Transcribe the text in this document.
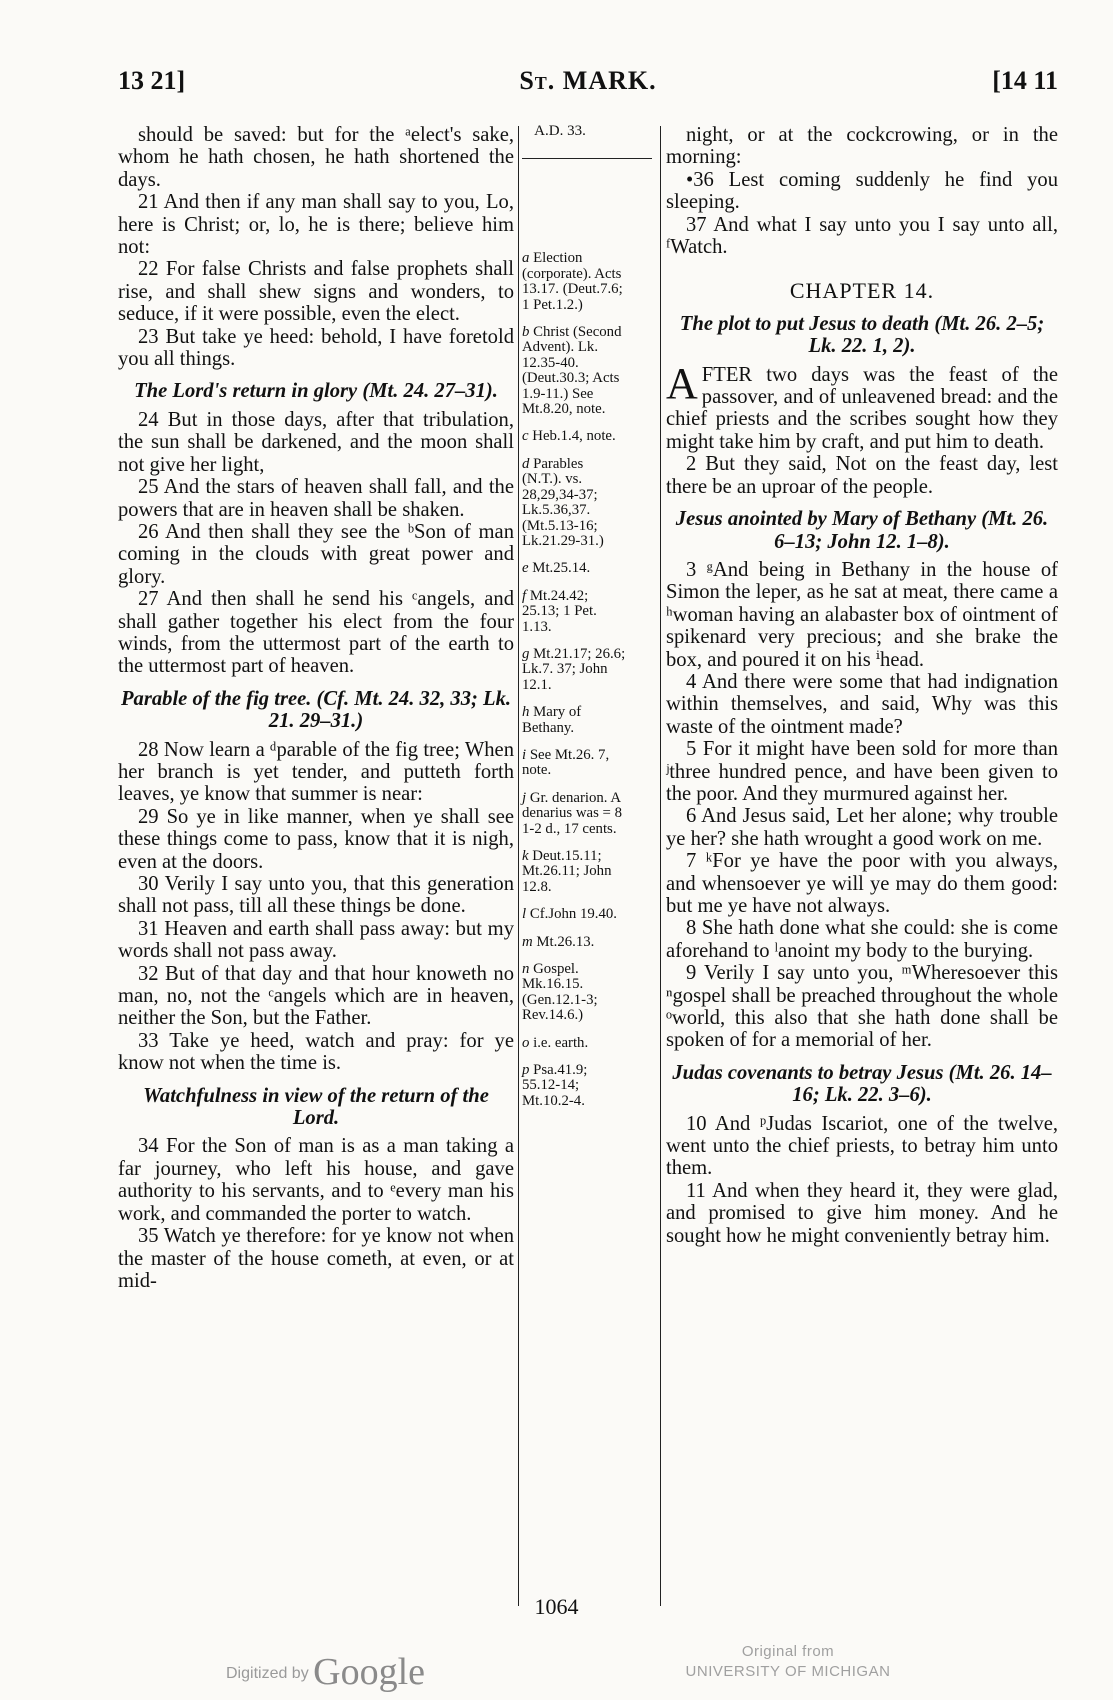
13 21]	St. MARK.	[14 11

should be saved: but for the ᵃelect's sake, whom he hath chosen, he hath shortened the days.

21 And then if any man shall say to you, Lo, here is Christ; or, lo, he is there; believe him not:

22 For false Christs and false prophets shall rise, and shall shew signs and wonders, to seduce, if it were possible, even the elect.

23 But take ye heed: behold, I have foretold you all things.

The Lord's return in glory (Mt. 24. 27–31).

24 But in those days, after that tribulation, the sun shall be darkened, and the moon shall not give her light,

25 And the stars of heaven shall fall, and the powers that are in heaven shall be shaken.

26 And then shall they see the ᵇSon of man coming in the clouds with great power and glory.

27 And then shall he send his ᶜangels, and shall gather together his elect from the four winds, from the uttermost part of the earth to the uttermost part of heaven.

Parable of the fig tree. (Cf. Mt. 24. 32, 33; Lk. 21. 29–31.)

28 Now learn a ᵈparable of the fig tree; When her branch is yet tender, and putteth forth leaves, ye know that summer is near:

29 So ye in like manner, when ye shall see these things come to pass, know that it is nigh, even at the doors.

30 Verily I say unto you, that this generation shall not pass, till all these things be done.

31 Heaven and earth shall pass away: but my words shall not pass away.

32 But of that day and that hour knoweth no man, no, not the ᶜangels which are in heaven, neither the Son, but the Father.

33 Take ye heed, watch and pray: for ye know not when the time is.

Watchfulness in view of the return of the Lord.

34 For the Son of man is as a man taking a far journey, who left his house, and gave authority to his servants, and to ᵉevery man his work, and commanded the porter to watch.

35 Watch ye therefore: for ye know not when the master of the house cometh, at even, or at mid-

A.D. 33.
a Election (corporate). Acts 13.17. (Deut.7.6; 1 Pet.1.2.)
b Christ (Second Advent). Lk. 12.35-40. (Deut.30.3; Acts 1.9-11.) See Mt.8.20, note.
c Heb.1.4, note.
d Parables (N.T.). vs. 28,29,34-37; Lk.5.36,37. (Mt.5.13-16; Lk.21.29-31.)
e Mt.25.14.
f Mt.24.42; 25.13; 1 Pet. 1.13.
g Mt.21.17; 26.6; Lk.7. 37; John 12.1.
h Mary of Bethany.
i See Mt.26. 7, note.
j Gr. denarion. A denarius was = 8 1-2 d., 17 cents.
k Deut.15.11; Mt.26.11; John 12.8.
l Cf.John 19.40.
m Mt.26.13.
n Gospel. Mk.16.15. (Gen.12.1-3; Rev.14.6.)
o i.e. earth.
p Psa.41.9; 55.12-14; Mt.10.2-4.

night, or at the cockcrowing, or in the morning:

•36 Lest coming suddenly he find you sleeping.

37 And what I say unto you I say unto all, ᶠWatch.

CHAPTER 14.

The plot to put Jesus to death (Mt. 26. 2–5; Lk. 22. 1, 2).

AFTER two days was the feast of the passover, and of unleavened bread: and the chief priests and the scribes sought how they might take him by craft, and put him to death.

2 But they said, Not on the feast day, lest there be an uproar of the people.

Jesus anointed by Mary of Bethany (Mt. 26. 6–13; John 12. 1–8).

3 ᵍAnd being in Bethany in the house of Simon the leper, as he sat at meat, there came a ʰwoman having an alabaster box of ointment of spikenard very precious; and she brake the box, and poured it on his ⁱhead.

4 And there were some that had indignation within themselves, and said, Why was this waste of the ointment made?

5 For it might have been sold for more than ʲthree hundred pence, and have been given to the poor. And they murmured against her.

6 And Jesus said, Let her alone; why trouble ye her? she hath wrought a good work on me.

7 ᵏFor ye have the poor with you always, and whensoever ye will ye may do them good: but me ye have not always.

8 She hath done what she could: she is come aforehand to ˡanoint my body to the burying.

9 Verily I say unto you, ᵐWheresoever this ⁿgospel shall be preached throughout the whole ᵒworld, this also that she hath done shall be spoken of for a memorial of her.

Judas covenants to betray Jesus (Mt. 26. 14–16; Lk. 22. 3–6).

10 And ᵖJudas Iscariot, one of the twelve, went unto the chief priests, to betray him unto them.

11 And when they heard it, they were glad, and promised to give him money. And he sought how he might conveniently betray him.

1064
Digitized by Google	Original from
UNIVERSITY OF MICHIGAN
